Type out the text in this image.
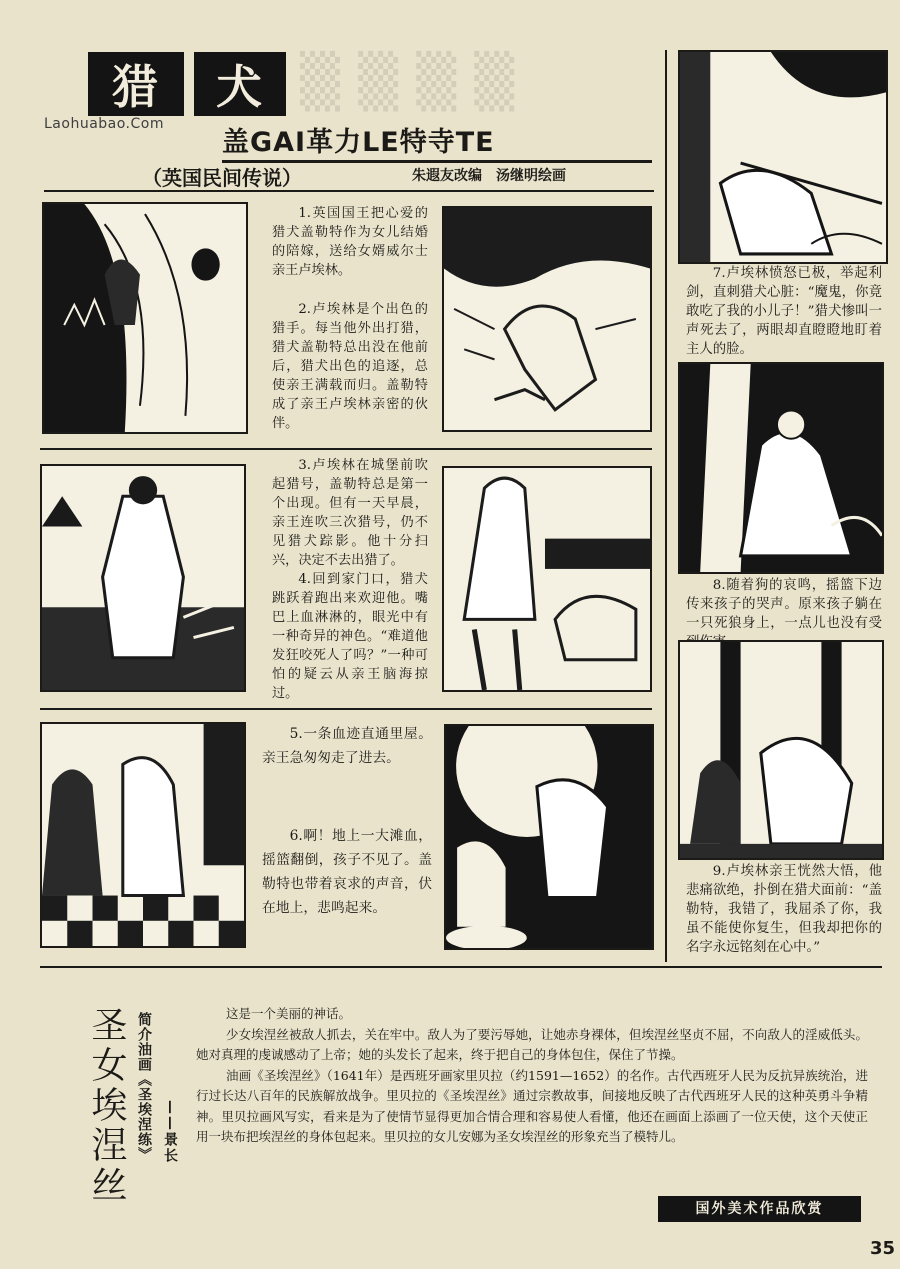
▒ ▒ ▒ ▒
猎	犬
Laohuabao.Com
盖GAI革力LE特寺TE
（英国民间传说）	朱遐友改编　汤继明绘画
1.英国国王把心爱的猎犬盖勒特作为女儿结婚的陪嫁，送给女婿威尔士亲王卢埃林。
2.卢埃林是个出色的猎手。每当他外出打猎，猎犬盖勒特总出没在他前后，猎犬出色的追逐，总使亲王满载而归。盖勒特成了亲王卢埃林亲密的伙伴。
3.卢埃林在城堡前吹起猎号，盖勒特总是第一个出现。但有一天早晨，亲王连吹三次猎号，仍不见猎犬踪影。他十分扫兴，决定不去出猎了。
4.回到家门口，猎犬跳跃着跑出来欢迎他。嘴巴上血淋淋的，眼光中有一种奇异的神色。“难道他发狂咬死人了吗？”一种可怕的疑云从亲王脑海掠过。
5.一条血迹直通里屋。亲王急匆匆走了进去。
6.啊！地上一大滩血，摇篮翻倒，孩子不见了。盖勒特也带着哀求的声音，伏在地上，悲鸣起来。
7.卢埃林愤怒已极，举起利剑，直刺猎犬心脏：“魔鬼，你竟敢吃了我的小儿子！”猎犬惨叫一声死去了，两眼却直瞪瞪地盯着主人的脸。
8.随着狗的哀鸣，摇篮下边传来孩子的哭声。原来孩子躺在一只死狼身上，一点儿也没有受
9.卢埃林亲王恍然大悟，他悲痛欲绝，扑倒在猎犬面前：“盖勒特，我错了，我屈杀了你，我虽不能使你复生，但我却把你的名字永远铭刻在心中。”
圣女埃涅丝 简介油画《圣埃涅练》 ——景长

这是一个美丽的神话。

少女埃涅丝被敌人抓去，关在牢中。敌人为了要污辱她，让她赤身裸体，但埃涅丝坚贞不屈，不向敌人的淫威低头。她对真理的虔诚感动了上帝；她的头发长了起来，终于把自己的身体包住，保住了节操。

油画《圣埃涅丝》（1641年）是西班牙画家里贝拉（约1591—1652）的名作。古代西班牙人民为反抗异族统治，进行过长达八百年的民族解放战争。里贝拉的《圣埃涅丝》通过宗教故事，间接地反映了古代西班牙人民的这种英勇斗争精神。里贝拉画风写实，看来是为了使情节显得更加合情合理和容易使人看懂，他还在画面上添画了一位天使，这个天使正用一块布把埃涅丝的身体包起来。里贝拉的女儿安娜为圣女埃涅丝的形象充当了模特儿。

国外美术作品欣赏
35
